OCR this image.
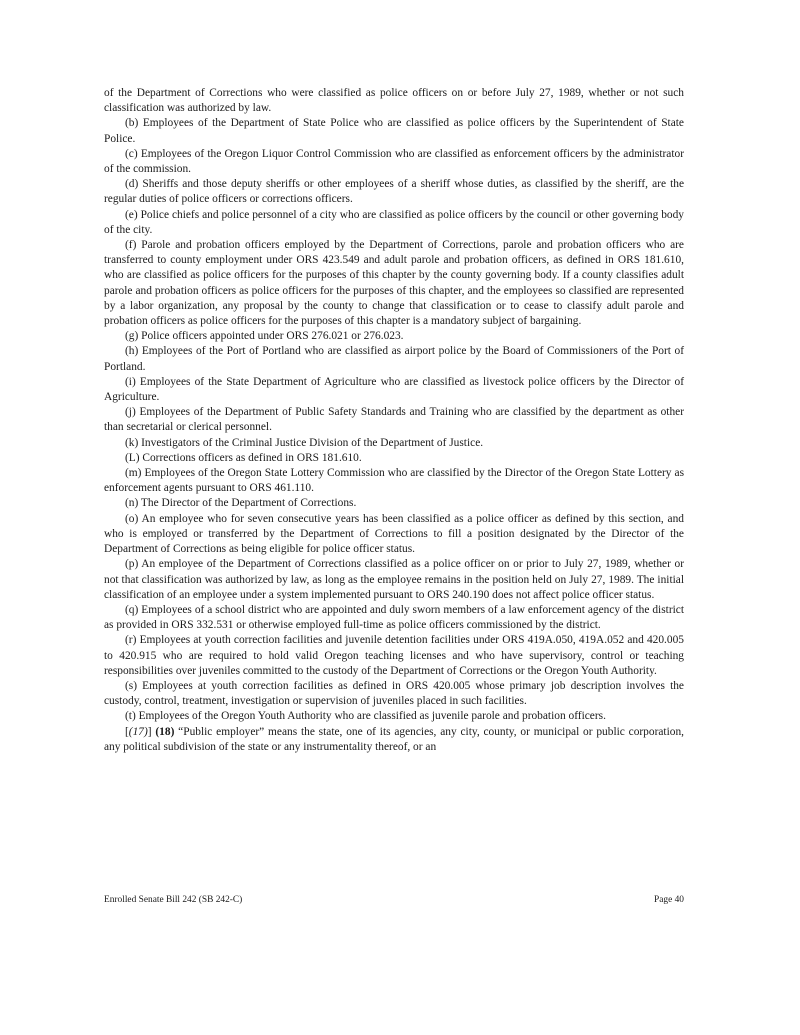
of the Department of Corrections who were classified as police officers on or before July 27, 1989, whether or not such classification was authorized by law.

(b) Employees of the Department of State Police who are classified as police officers by the Superintendent of State Police.

(c) Employees of the Oregon Liquor Control Commission who are classified as enforcement officers by the administrator of the commission.

(d) Sheriffs and those deputy sheriffs or other employees of a sheriff whose duties, as classified by the sheriff, are the regular duties of police officers or corrections officers.

(e) Police chiefs and police personnel of a city who are classified as police officers by the council or other governing body of the city.

(f) Parole and probation officers employed by the Department of Corrections, parole and probation officers who are transferred to county employment under ORS 423.549 and adult parole and probation officers, as defined in ORS 181.610, who are classified as police officers for the purposes of this chapter by the county governing body. If a county classifies adult parole and probation officers as police officers for the purposes of this chapter, and the employees so classified are represented by a labor organization, any proposal by the county to change that classification or to cease to classify adult parole and probation officers as police officers for the purposes of this chapter is a mandatory subject of bargaining.

(g) Police officers appointed under ORS 276.021 or 276.023.

(h) Employees of the Port of Portland who are classified as airport police by the Board of Commissioners of the Port of Portland.

(i) Employees of the State Department of Agriculture who are classified as livestock police officers by the Director of Agriculture.

(j) Employees of the Department of Public Safety Standards and Training who are classified by the department as other than secretarial or clerical personnel.

(k) Investigators of the Criminal Justice Division of the Department of Justice.

(L) Corrections officers as defined in ORS 181.610.

(m) Employees of the Oregon State Lottery Commission who are classified by the Director of the Oregon State Lottery as enforcement agents pursuant to ORS 461.110.

(n) The Director of the Department of Corrections.

(o) An employee who for seven consecutive years has been classified as a police officer as defined by this section, and who is employed or transferred by the Department of Corrections to fill a position designated by the Director of the Department of Corrections as being eligible for police officer status.

(p) An employee of the Department of Corrections classified as a police officer on or prior to July 27, 1989, whether or not that classification was authorized by law, as long as the employee remains in the position held on July 27, 1989. The initial classification of an employee under a system implemented pursuant to ORS 240.190 does not affect police officer status.

(q) Employees of a school district who are appointed and duly sworn members of a law enforcement agency of the district as provided in ORS 332.531 or otherwise employed full-time as police officers commissioned by the district.

(r) Employees at youth correction facilities and juvenile detention facilities under ORS 419A.050, 419A.052 and 420.005 to 420.915 who are required to hold valid Oregon teaching licenses and who have supervisory, control or teaching responsibilities over juveniles committed to the custody of the Department of Corrections or the Oregon Youth Authority.

(s) Employees at youth correction facilities as defined in ORS 420.005 whose primary job description involves the custody, control, treatment, investigation or supervision of juveniles placed in such facilities.

(t) Employees of the Oregon Youth Authority who are classified as juvenile parole and probation officers.

[(17)] (18) “Public employer” means the state, one of its agencies, any city, county, or municipal or public corporation, any political subdivision of the state or any instrumentality thereof, or an

Enrolled Senate Bill 242 (SB 242-C)	Page 40
